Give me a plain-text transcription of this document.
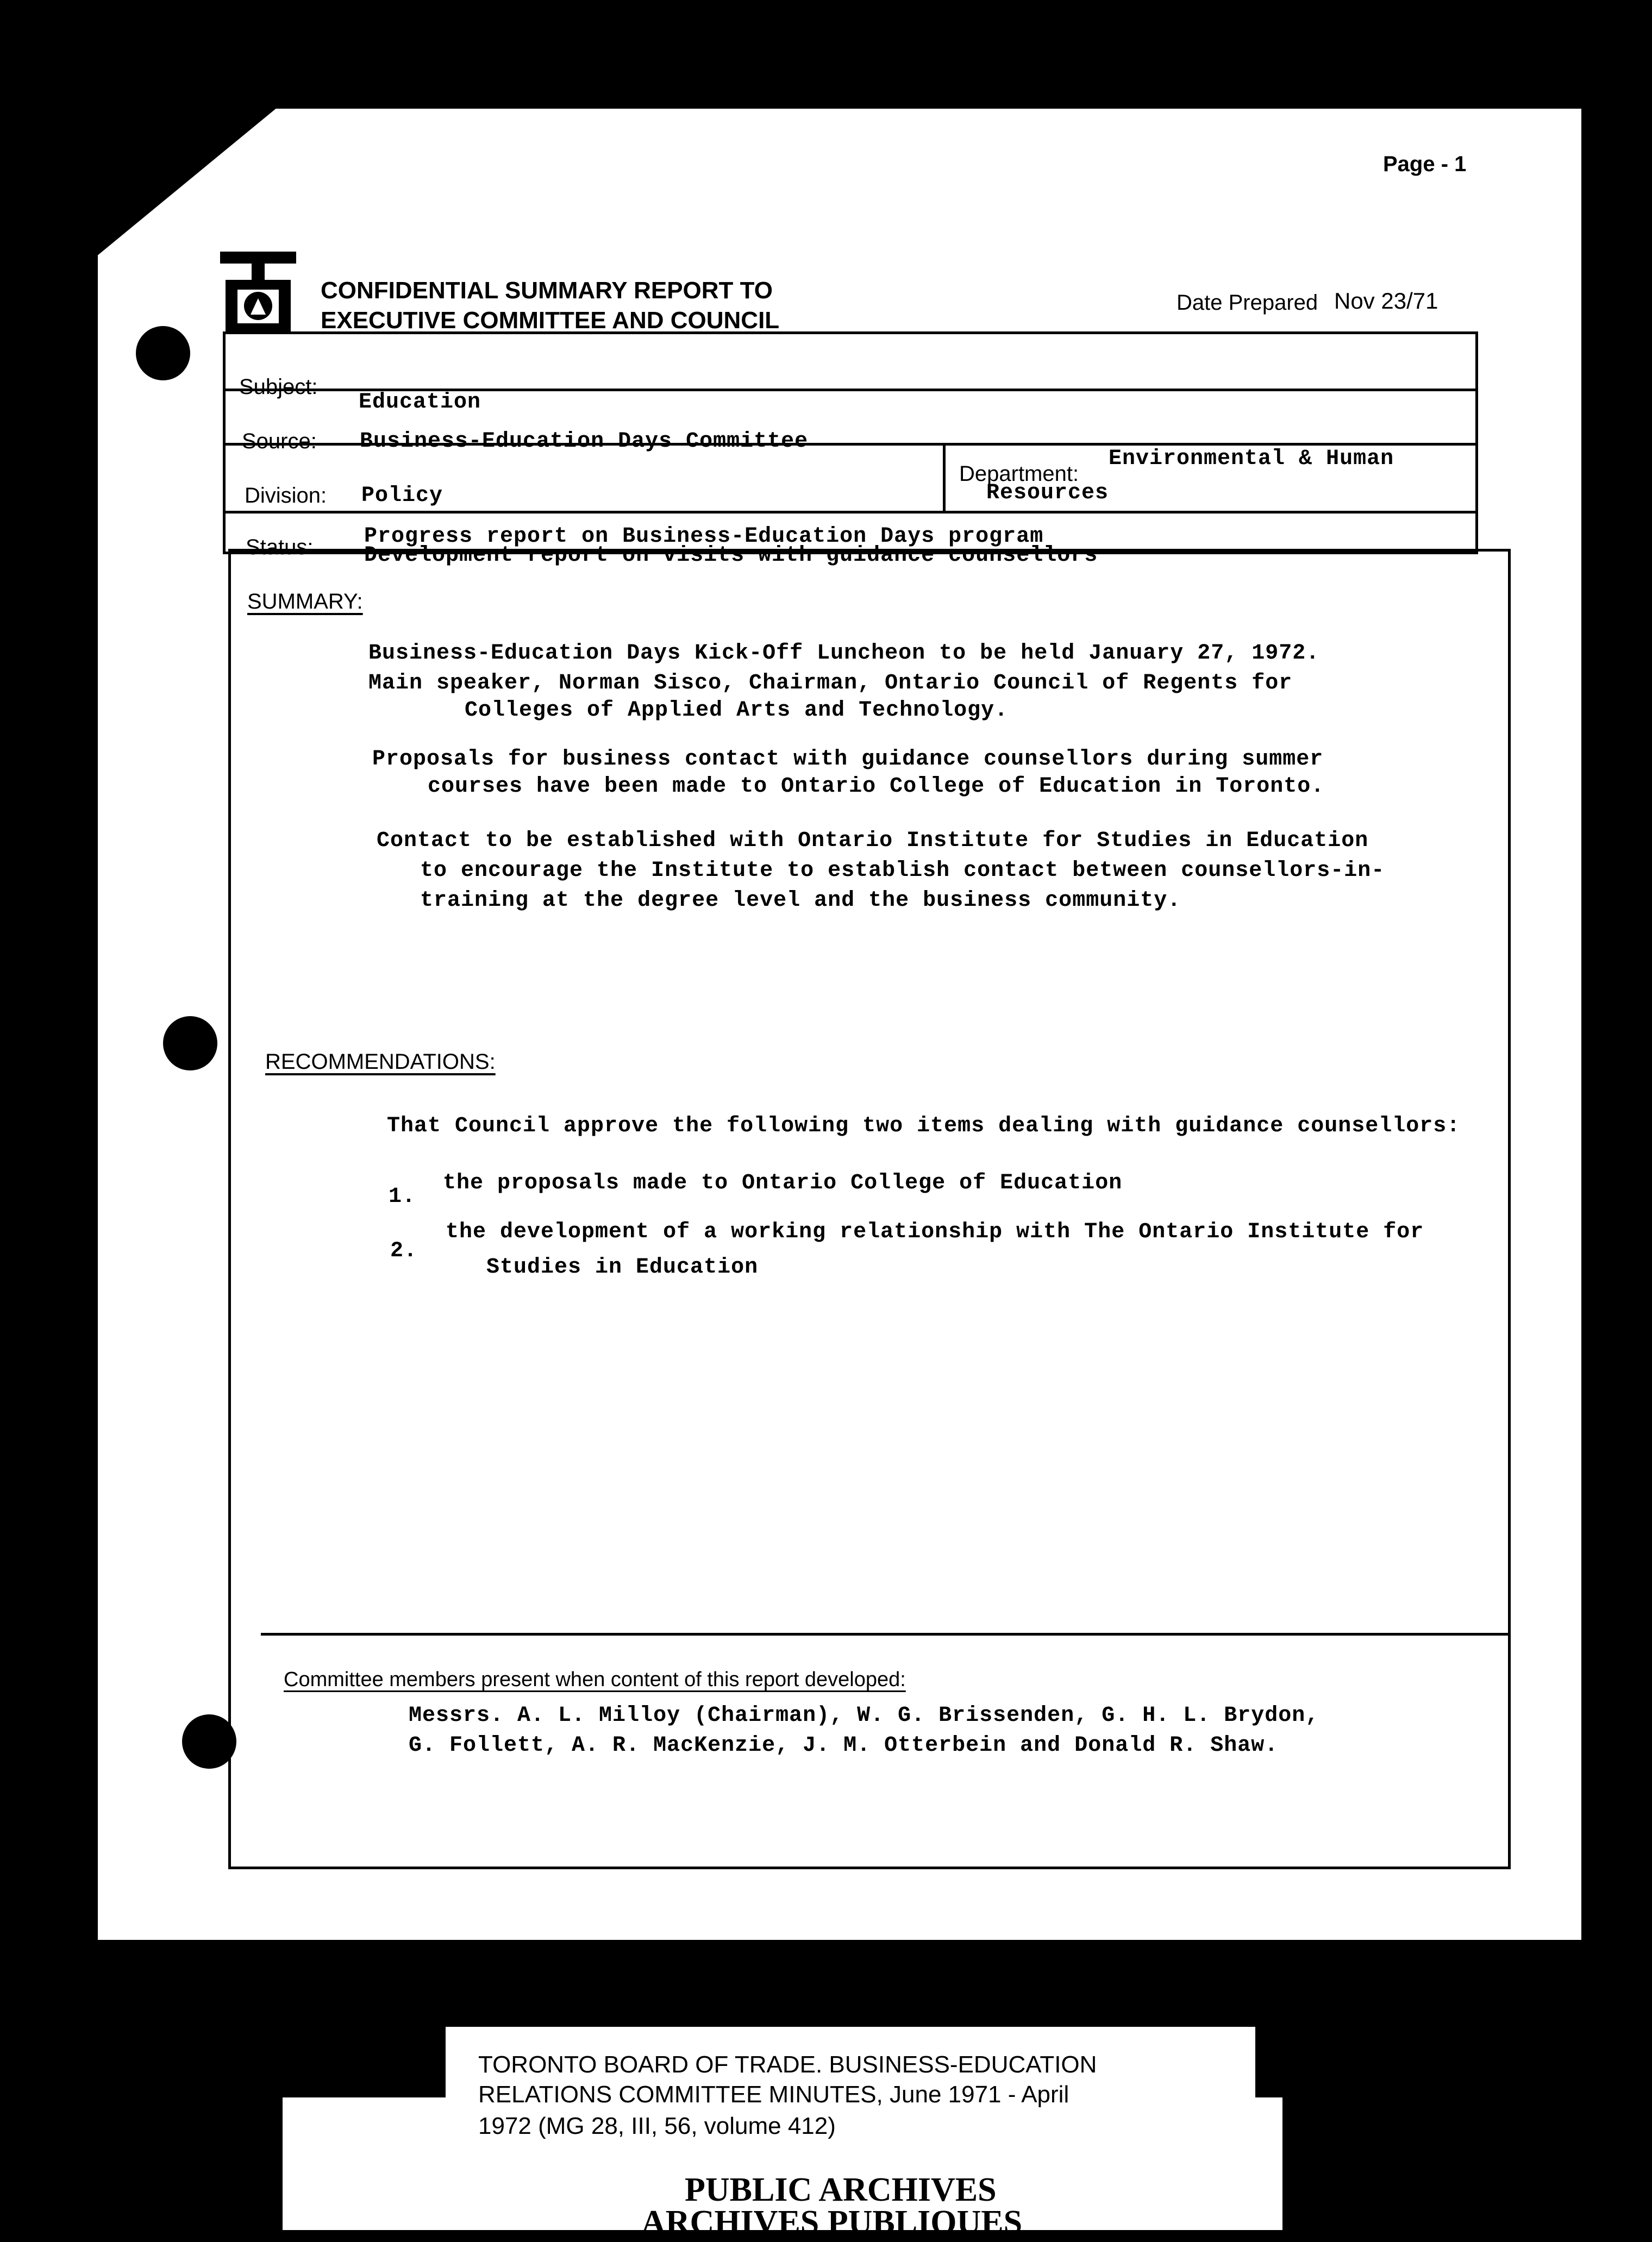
Page - 1
CONFIDENTIAL SUMMARY REPORT TO
EXECUTIVE COMMITTEE AND COUNCIL
Date Prepared Nov 23/71
Subject:
Education
Source: Business-Education Days Committee
Division: Policy
Department:
Environmental & Human
Resources
Status: Progress report on Business-Education Days program
Development report on visits with guidance counsellors
SUMMARY:
Business-Education Days Kick-Off Luncheon to be held January 27, 1972.
Main speaker, Norman Sisco, Chairman, Ontario Council of Regents for
Colleges of Applied Arts and Technology.
Proposals for business contact with guidance counsellors during summer
courses have been made to Ontario College of Education in Toronto.
Contact to be established with Ontario Institute for Studies in Education
to encourage the Institute to establish contact between counsellors-in-
training at the degree level and the business community.
RECOMMENDATIONS:
That Council approve the following two items dealing with guidance counsellors:
1.
the proposals made to Ontario College of Education
2.
the development of a working relationship with The Ontario Institute for
Studies in Education
Committee members present when content of this report developed:
Messrs. A. L. Milloy (Chairman), W. G. Brissenden, G. H. L. Brydon,
G. Follett, A. R. MacKenzie, J. M. Otterbein and Donald R. Shaw.
TORONTO BOARD OF TRADE. BUSINESS-EDUCATION
RELATIONS COMMITTEE MINUTES, June 1971 - April
1972 (MG 28, III, 56, volume 412)
PUBLIC ARCHIVES
ARCHIVES PUBLIQUES
